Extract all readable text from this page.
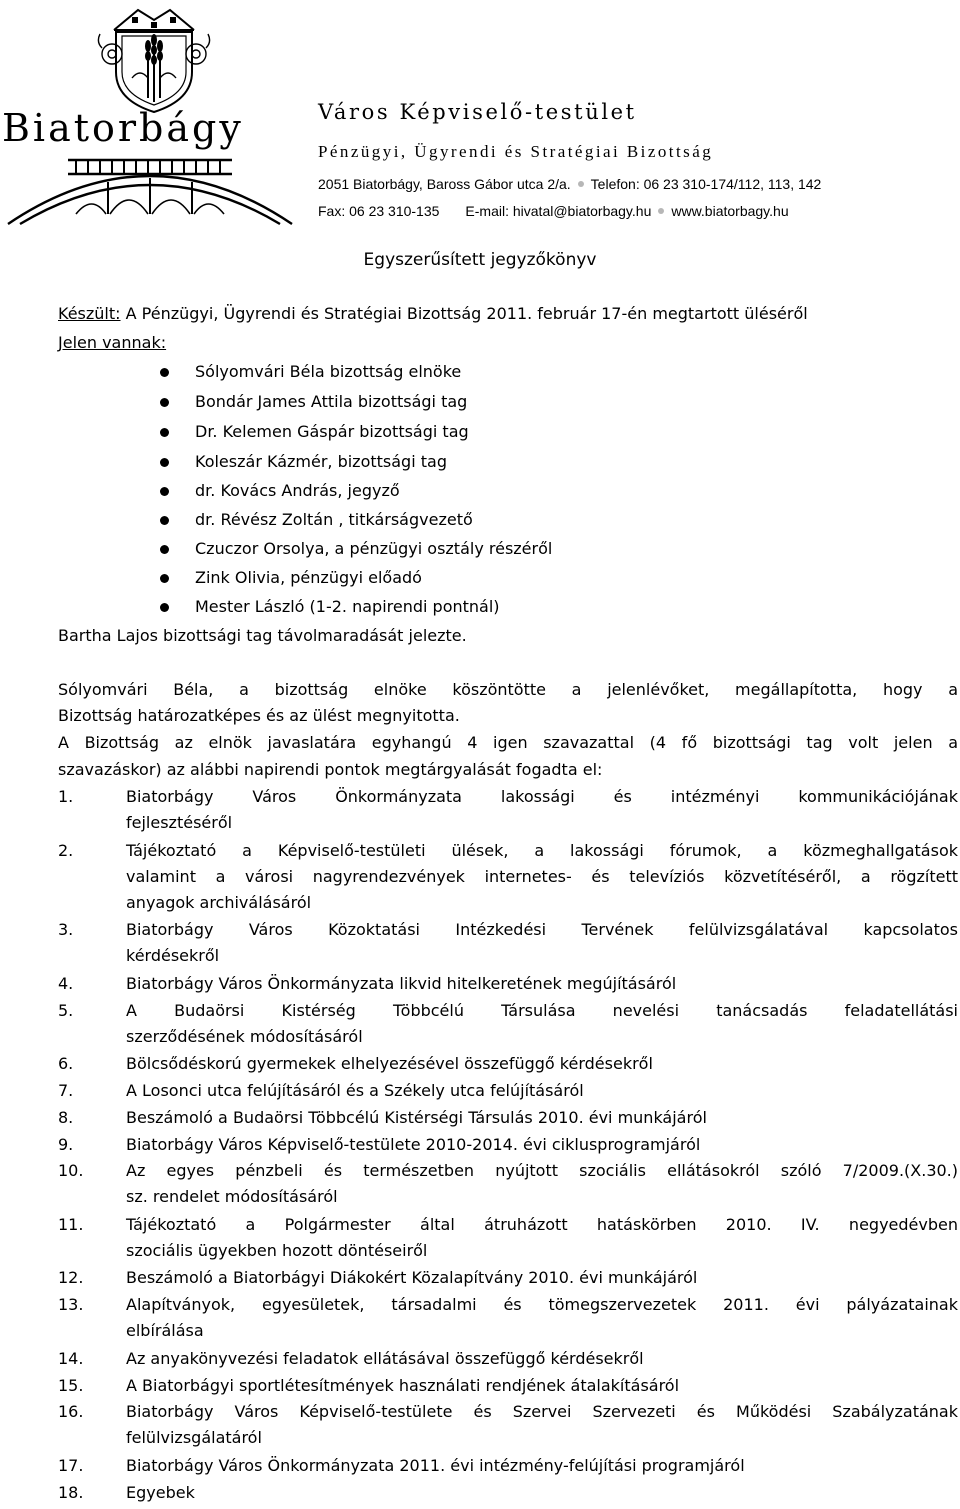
Biatorbágy	Város Képviselő-testület
Pénzügyi, Ügyrendi és Stratégiai Bizottság
2051 Biatorbágy, Baross Gábor utca 2/a. Telefon: 06 23 310-174/112, 113, 142
Fax: 06 23 310-135 E-mail: hivatal@biatorbagy.hu www.biatorbagy.hu
Egyszerűsített jegyzőkönyv
Készült: A Pénzügyi, Ügyrendi és Stratégiai Bizottság 2011. február 17-én megtartott üléséről
Jelen vannak:
Sólyomvári Béla bizottság elnöke
Bondár James Attila bizottsági tag
Dr. Kelemen Gáspár bizottsági tag
Koleszár Kázmér, bizottsági tag
dr. Kovács András, jegyző
dr. Révész Zoltán , titkárságvezető
Czuczor Orsolya, a pénzügyi osztály részéről
Zink Olivia, pénzügyi előadó
Mester László (1-2. napirendi pontnál)
Bartha Lajos bizottsági tag távolmaradását jelezte.
Sólyomvári Béla, a bizottság elnöke köszöntötte a jelenlévőket, megállapította, hogy a
Bizottság határozatképes és az ülést megnyitotta.
A Bizottság az elnök javaslatára egyhangú 4 igen szavazattal (4 fő bizottsági tag volt jelen a
szavazáskor) az alábbi napirendi pontok megtárgyalását fogadta el:
1.	Biatorbágy Város Önkormányzata lakossági és intézményi kommunikációjának
fejlesztéséről
2.	Tájékoztató a Képviselő-testületi ülések, a lakossági fórumok, a közmeghallgatások
valamint a városi nagyrendezvények internetes- és televíziós közvetítéséről, a rögzített
anyagok archiválásáról
3.	Biatorbágy Város Közoktatási Intézkedési Tervének felülvizsgálatával kapcsolatos
kérdésekről
4.	Biatorbágy Város Önkormányzata likvid hitelkeretének megújításáról
5.	A Budaörsi Kistérség Többcélú Társulása nevelési tanácsadás feladatellátási
szerződésének módosításáról
6.	Bölcsődéskorú gyermekek elhelyezésével összefüggő kérdésekről
7.	A Losonci utca felújításáról és a Székely utca felújításáról
8.	Beszámoló a Budaörsi Többcélú Kistérségi Társulás 2010. évi munkájáról
9.	Biatorbágy Város Képviselő-testülete 2010-2014. évi ciklusprogramjáról
10.	Az egyes pénzbeli és természetben nyújtott szociális ellátásokról szóló 7/2009.(X.30.)
sz. rendelet módosításáról
11.	Tájékoztató a Polgármester által átruházott hatáskörben 2010. IV. negyedévben
szociális ügyekben hozott döntéseiről
12.	Beszámoló a Biatorbágyi Diákokért Közalapítvány 2010. évi munkájáról
13.	Alapítványok, egyesületek, társadalmi és tömegszervezetek 2011. évi pályázatainak
elbírálása
14.	Az anyakönyvezési feladatok ellátásával összefüggő kérdésekről
15.	A Biatorbágyi sportlétesítmények használati rendjének átalakításáról
16.	Biatorbágy Város Képviselő-testülete és Szervei Szervezeti és Működési Szabályzatának
felülvizsgálatáról
17.	Biatorbágy Város Önkormányzata 2011. évi intézmény-felújítási programjáról
18.	Egyebek
